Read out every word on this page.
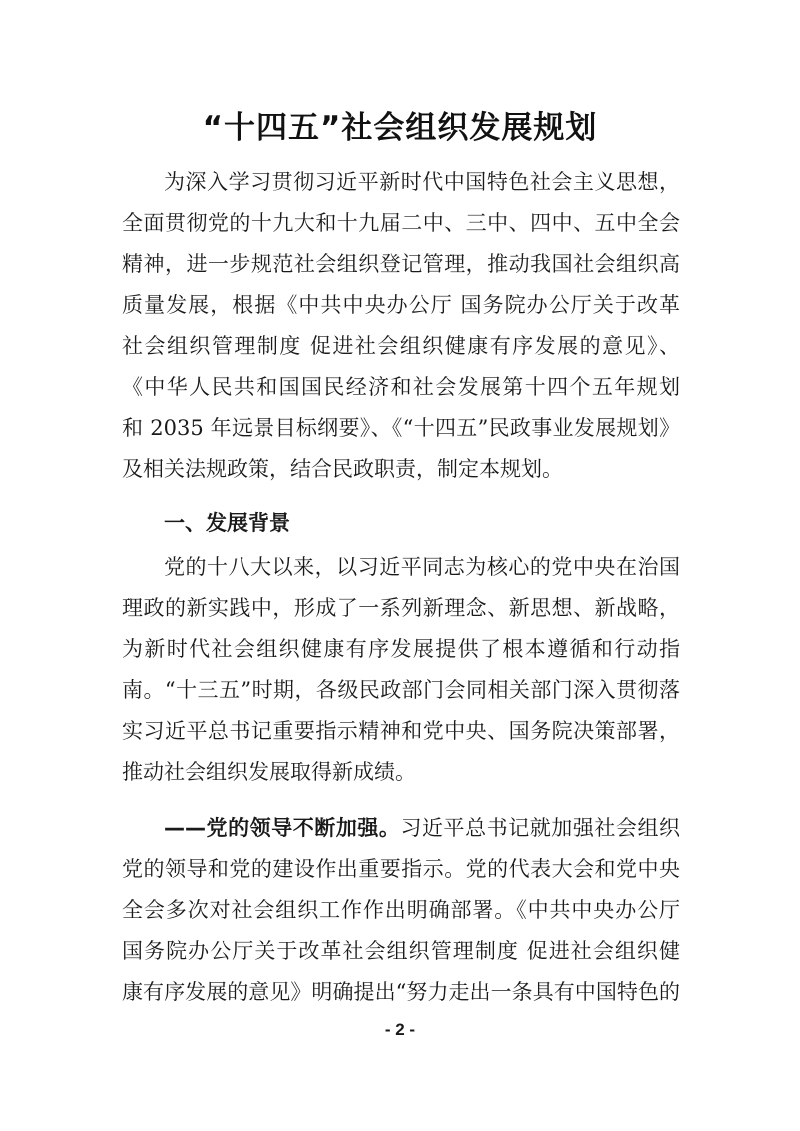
“十四五”社会组织发展规划
为深入学习贯彻习近平新时代中国特色社会主义思想，
全面贯彻党的十九大和十九届二中、三中、四中、五中全会
精神，进一步规范社会组织登记管理，推动我国社会组织高
质量发展，根据《中共中央办公厅 国务院办公厅关于改革
社会组织管理制度 促进社会组织健康有序发展的意见》、
《中华人民共和国国民经济和社会发展第十四个五年规划
和 2035 年远景目标纲要》、《“十四五”民政事业发展规划》
及相关法规政策，结合民政职责，制定本规划。
一、发展背景
党的十八大以来，以习近平同志为核心的党中央在治国
理政的新实践中，形成了一系列新理念、新思想、新战略，
为新时代社会组织健康有序发展提供了根本遵循和行动指
南。“十三五”时期，各级民政部门会同相关部门深入贯彻落
实习近平总书记重要指示精神和党中央、国务院决策部署，
推动社会组织发展取得新成绩。
——党的领导不断加强。习近平总书记就加强社会组织
党的领导和党的建设作出重要指示。党的代表大会和党中央
全会多次对社会组织工作作出明确部署。《中共中央办公厅
国务院办公厅关于改革社会组织管理制度 促进社会组织健
康有序发展的意见》明确提出“努力走出一条具有中国特色的
- 2 -
